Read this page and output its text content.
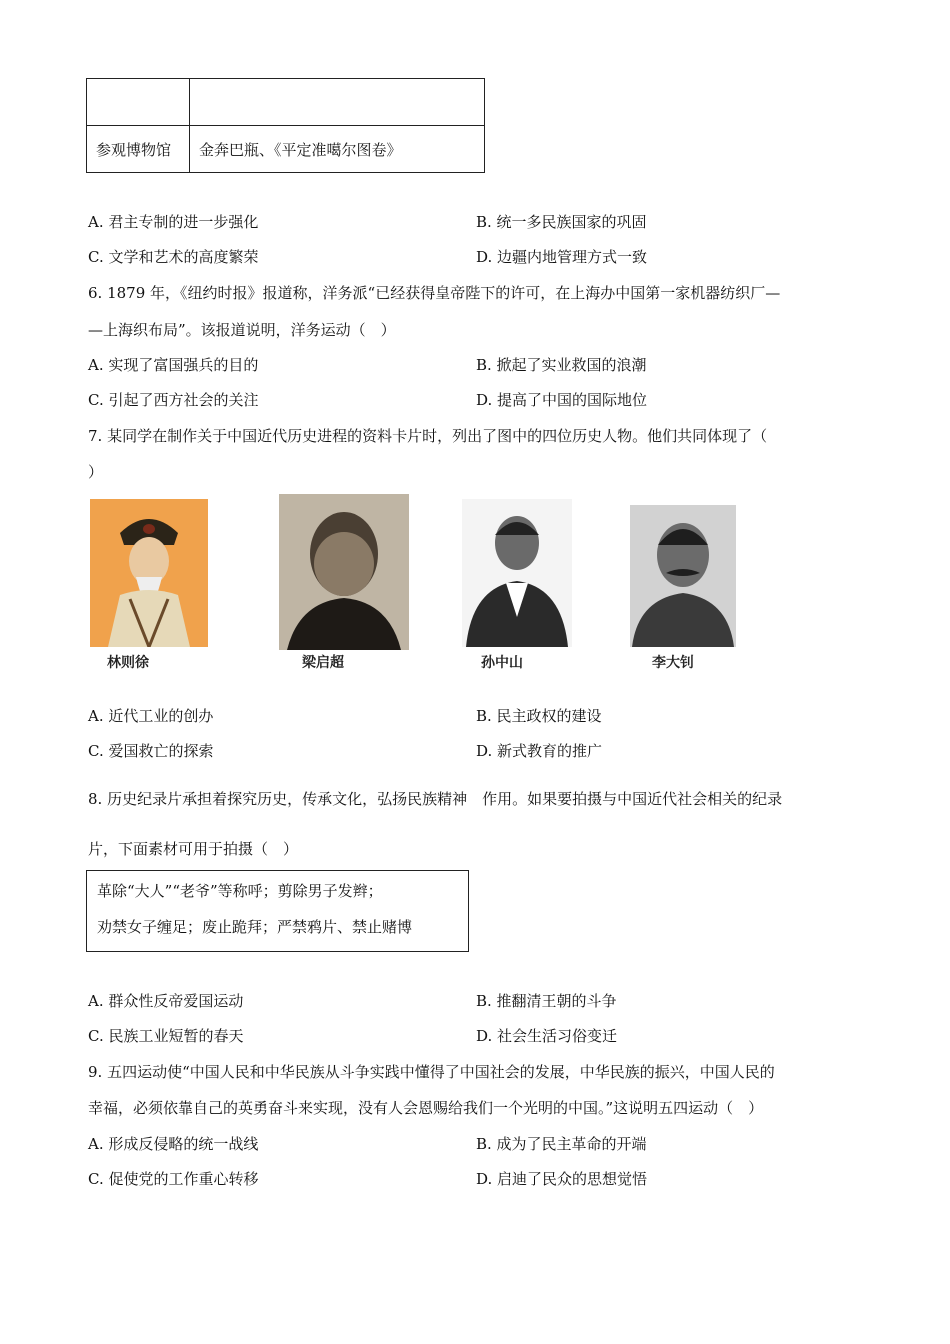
参观博物馆	金奔巴瓶、《平定准噶尔图卷》
A. 君主专制的进一步强化	B. 统一多民族国家的巩固
C. 文学和艺术的高度繁荣	D. 边疆内地管理方式一致
6. 1879 年，《纽约时报》报道称，洋务派“已经获得皇帝陛下的许可，在上海办中国第一家机器纺织厂—
—上海织布局”。该报道说明，洋务运动（　）
A. 实现了富国强兵的目的	B. 掀起了实业救国的浪潮
C. 引起了西方社会的关注	D. 提高了中国的国际地位
7. 某同学在制作关于中国近代历史进程的资料卡片时，列出了图中的四位历史人物。他们共同体现了（
）
林则徐	梁启超	孙中山	李大钊
A. 近代工业的创办	B. 民主政权的建设
C. 爱国救亡的探索	D. 新式教育的推广
8. 历史纪录片承担着探究历史，传承文化，弘扬民族精神　作用。如果要拍摄与中国近代社会相关的纪录
片，下面素材可用于拍摄（　）
革除“大人”“老爷”等称呼；剪除男子发辫；
劝禁女子缠足；废止跪拜；严禁鸦片、禁止赌博
A. 群众性反帝爱国运动	B. 推翻清王朝的斗争
C. 民族工业短暂的春天	D. 社会生活习俗变迁
9. 五四运动使“中国人民和中华民族从斗争实践中懂得了中国社会的发展，中华民族的振兴，中国人民的
幸福，必须依靠自己的英勇奋斗来实现，没有人会恩赐给我们一个光明的中国。”这说明五四运动（　）
A. 形成反侵略的统一战线	B. 成为了民主革命的开端
C. 促使党的工作重心转移	D. 启迪了民众的思想觉悟
